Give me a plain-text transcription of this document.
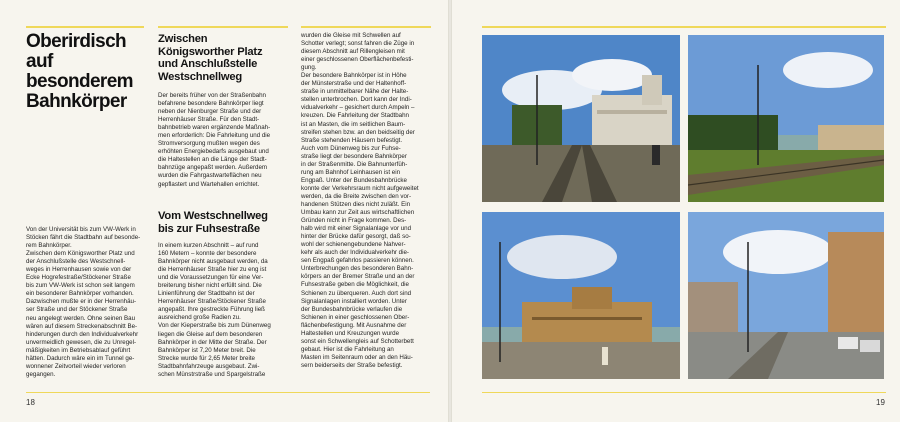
Oberirdisch
auf besonderem
Bahnkörper
Von der Universität bis zum VW-Werk in
Stöcken fährt die Stadtbahn auf besonde-
rem Bahnkörper.
Zwischen dem Königsworther Platz und
der Anschlußstelle des Westschnell-
weges in Herrenhausen sowie von der
Ecke Hogrefestraße/Stöckener Straße
bis zum VW-Werk ist schon seit langem
ein besonderer Bahnkörper vorhanden.
Dazwischen mußte er in der Herrenhäu-
ser Straße und der Stöckener Straße
neu angelegt werden. Ohne seinen Bau
wären auf diesem Streckenabschnitt Be-
hinderungen durch den Individualverkehr
unvermeidlich gewesen, die zu Unregel-
mäßigkeiten im Betriebsablauf geführt
hätten. Dadurch wäre ein im Tunnel ge-
wonnener Zeitvorteil wieder verloren
gegangen.
Zwischen
Königsworther Platz
und Anschlußstelle
Westschnellweg
Der bereits früher von der Straßenbahn
befahrene besondere Bahnkörper liegt
neben der Nienburger Straße und der
Herrenhäuser Straße. Für den Stadt-
bahnbetrieb waren ergänzende Maßnah-
men erforderlich: Die Fahrleitung und die
Stromversorgung mußten wegen des
erhöhten Energiebedarfs ausgebaut und
die Haltestellen an die Länge der Stadt-
bahnzüge angepaßt werden. Außerdem
wurden die Fahrgastwarteflächen neu
gepflastert und Wartehallen errichtet.
Vom Westschnellweg
bis zur Fuhsestraße
In einem kurzen Abschnitt – auf rund
160 Metern – konnte der besondere
Bahnkörper nicht ausgebaut werden, da
die Herrenhäuser Straße hier zu eng ist
und die Voraussetzungen für eine Ver-
breiterung bisher nicht erfüllt sind. Die
Linienführung der Stadtbahn ist der
Herrenhäuser Straße/Stöckener Straße
angepaßt. Ihre gestreckte Führung ließ
ausreichend große Radien zu.
Von der Kieperstraße bis zum Dünenweg
liegen die Gleise auf dem besonderen
Bahnkörper in der Mitte der Straße. Der
Bahnkörper ist 7,20 Meter breit. Die
Strecke wurde für 2,65 Meter breite
Stadtbahnfahrzeuge ausgebaut. Zwi-
schen Münstrstraße und Spargelstraße
wurden die Gleise mit Schwellen auf
Schotter verlegt; sonst fahren die Züge in
diesem Abschnitt auf Rillengleisen mit
einer geschlossenen Oberflächenbefesti-
gung.
Der besondere Bahnkörper ist in Höhe
der Münsterstraße und der Haltenhoff-
straße in unmittelbarer Nähe der Halte-
stellen unterbrochen. Dort kann der Indi-
vidualverkehr – gesichert durch Ampeln –
kreuzen. Die Fahrleitung der Stadtbahn
ist an Masten, die im seitlichen Baum-
streifen stehen bzw. an den beidseitig der
Straße stehenden Häusern befestigt.
Auch vom Dünenweg bis zur Fuhse-
straße liegt der besondere Bahnkörper
in der Straßenmitte. Die Bahnunterfüh-
rung am Bahnhof Leinhausen ist ein
Engpaß. Unter der Bundesbahnbrücke
konnte der Verkehrsraum nicht aufgeweitet
werden, da die Breite zwischen den vor-
handenen Stützen dies nicht zuläßt. Ein
Umbau kann zur Zeit aus wirtschaftlichen
Gründen nicht in Frage kommen. Des-
halb wird mit einer Signalanlage vor und
hinter der Brücke dafür gesorgt, daß so-
wohl der schienengebundene Nahver-
kehr als auch der Individualverkehr die-
sen Engpaß gefahrlos passieren können.
Unterbrechungen des besonderen Bahn-
körpers an der Bremer Straße und an der
Fuhsestraße geben die Möglichkeit, die
Schienen zu überqueren. Auch dort sind
Signalanlagen installiert worden. Unter
der Bundesbahnbrücke verlaufen die
Schienen in einer geschlossenen Ober-
flächenbefestigung. Mit Ausnahme der
Haltestellen und Kreuzungen wurde
sonst ein Schwellengleis auf Schotterbett
gebaut. Hier ist die Fahrleitung an
Masten im Seitenraum oder an den Häu-
sern beiderseits der Straße befestigt.
18	19
